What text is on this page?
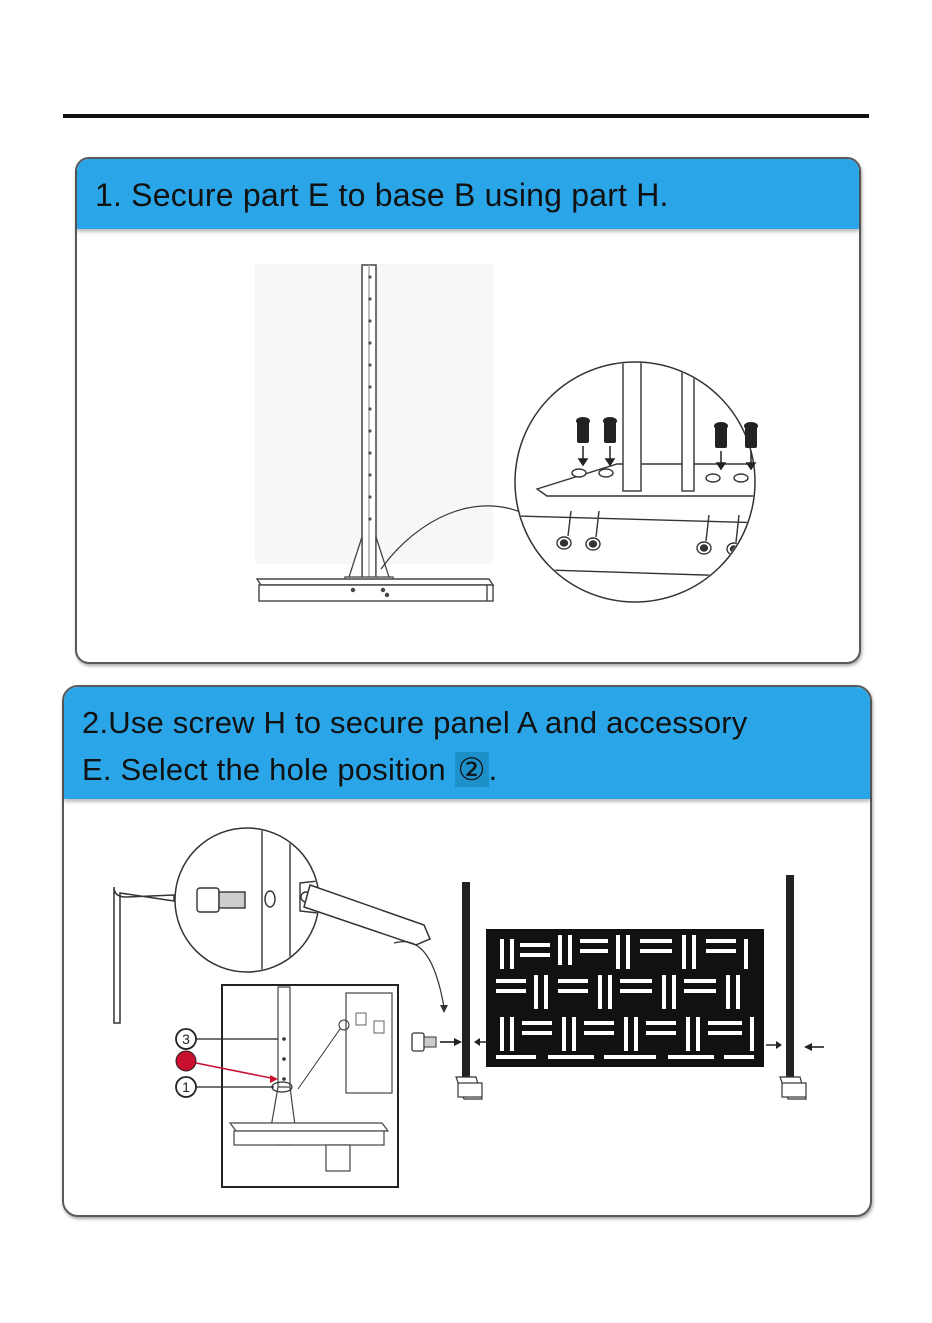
1. Secure part E to base B using part H.
2.Use screw H to secure panel A and accessory
E. Select the hole position ②.
3
1
